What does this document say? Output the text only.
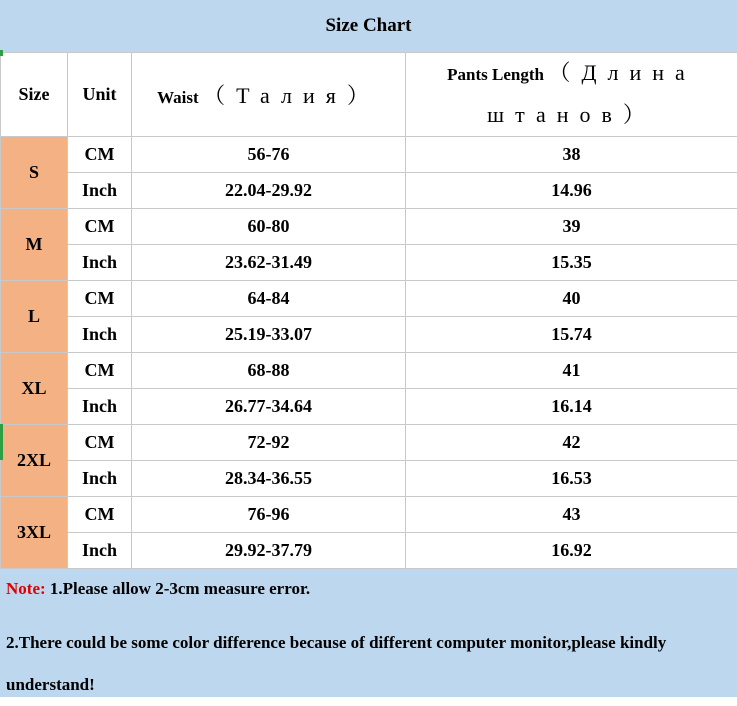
Size Chart
Size	Unit	Waist （Талия）	Pants Length （Длина штанов）
S	CM	56-76	38
	Inch	22.04-29.92	14.96
M	CM	60-80	39
	Inch	23.62-31.49	15.35
L	CM	64-84	40
	Inch	25.19-33.07	15.74
XL	CM	68-88	41
	Inch	26.77-34.64	16.14
2XL	CM	72-92	42
	Inch	28.34-36.55	16.53
3XL	CM	76-96	43
	Inch	29.92-37.79	16.92
Note: 1.Please allow 2-3cm measure error.
2.There could be some color difference because of different computer monitor,please kindly understand!
